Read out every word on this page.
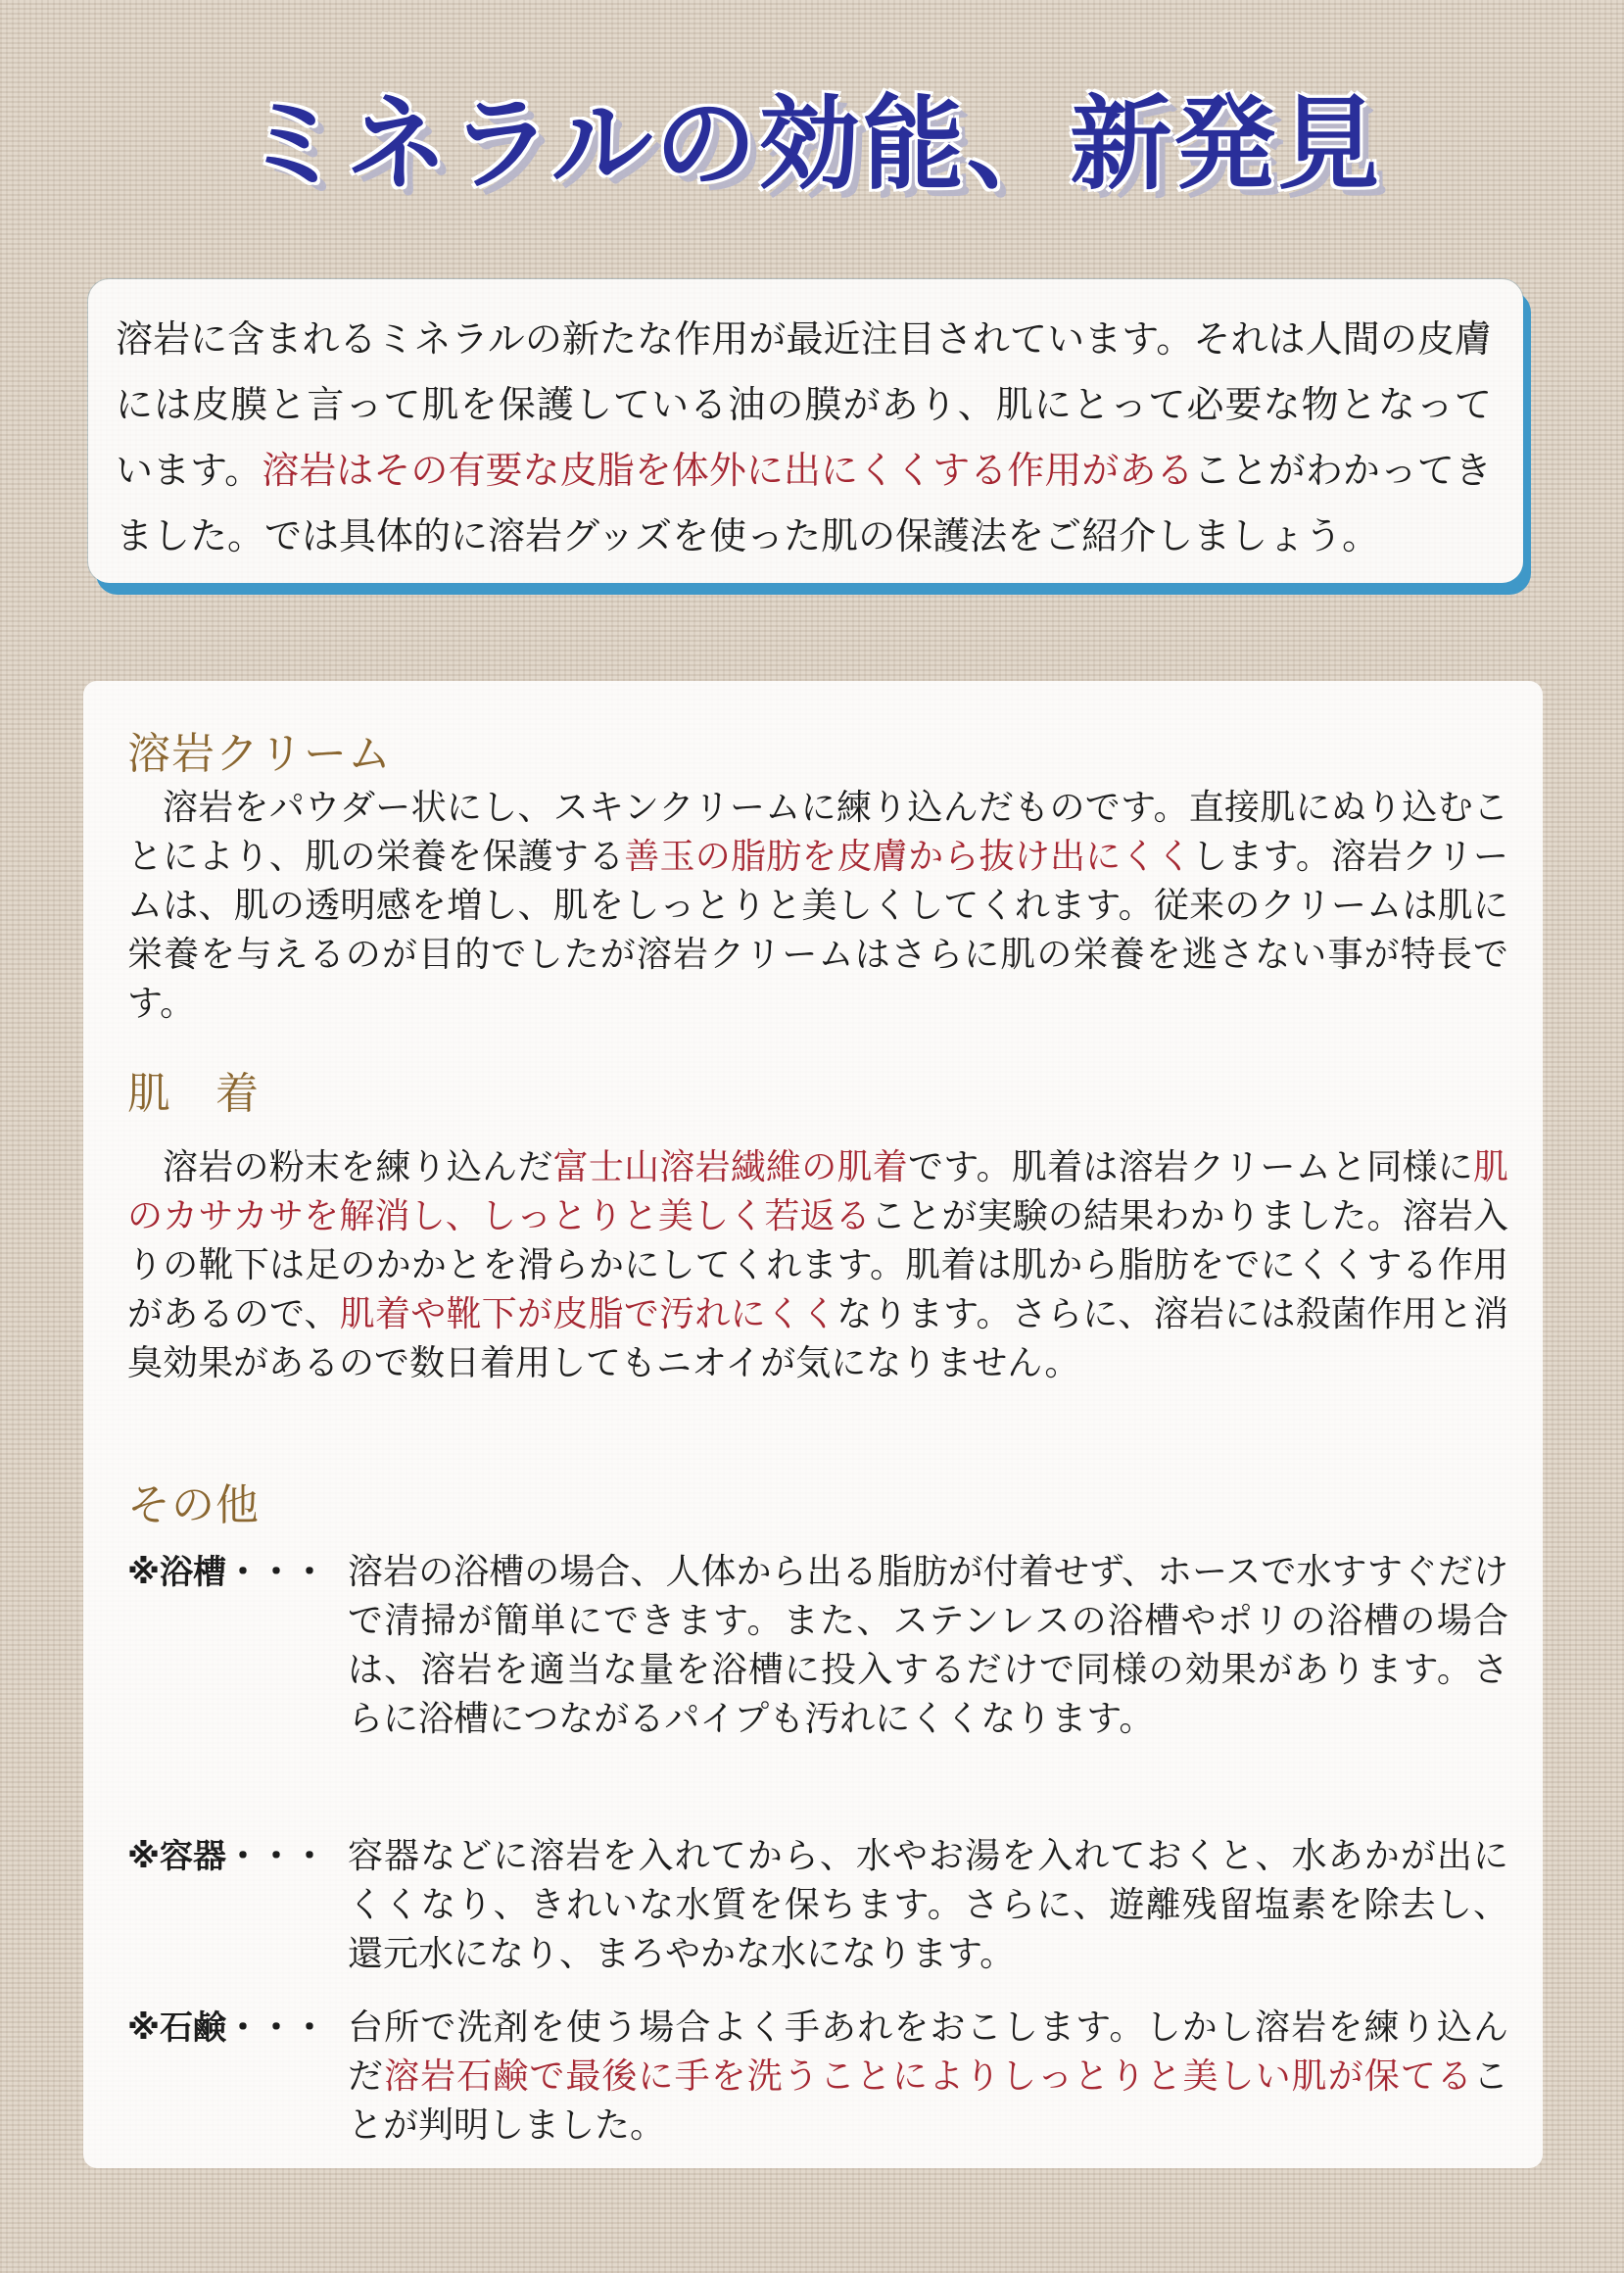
ミネラルの効能、新発見

溶岩に含まれるミネラルの新たな作用が最近注目されています。それは人間の皮膚には皮膜と言って肌を保護している油の膜があり、肌にとって必要な物となっています。溶岩はその有要な皮脂を体外に出にくくする作用があることがわかってきました。では具体的に溶岩グッズを使った肌の保護法をご紹介しましょう。

溶岩クリーム

溶岩をパウダー状にし、スキンクリームに練り込んだものです。直接肌にぬり込むことにより、肌の栄養を保護する善玉の脂肪を皮膚から抜け出にくくします。溶岩クリームは、肌の透明感を増し、肌をしっとりと美しくしてくれます。従来のクリームは肌に栄養を与えるのが目的でしたが溶岩クリームはさらに肌の栄養を逃さない事が特長です。

肌　着

溶岩の粉末を練り込んだ富士山溶岩繊維の肌着です。肌着は溶岩クリームと同様に肌のカサカサを解消し、しっとりと美しく若返ることが実験の結果わかりました。溶岩入りの靴下は足のかかとを滑らかにしてくれます。肌着は肌から脂肪をでにくくする作用があるので、肌着や靴下が皮脂で汚れにくくなります。さらに、溶岩には殺菌作用と消臭効果があるので数日着用してもニオイが気になりません。

その他
※浴槽・・・ 溶岩の浴槽の場合、人体から出る脂肪が付着せず、ホースで水すすぐだけで清掃が簡単にできます。また、ステンレスの浴槽やポリの浴槽の場合は、溶岩を適当な量を浴槽に投入するだけで同様の効果があります。さらに浴槽につながるパイプも汚れにくくなります。
※容器・・・ 容器などに溶岩を入れてから、水やお湯を入れておくと、水あかが出にくくなり、きれいな水質を保ちます。さらに、遊離残留塩素を除去し、還元水になり、まろやかな水になります。
※石鹸・・・ 台所で洗剤を使う場合よく手あれをおこします。しかし溶岩を練り込んだ溶岩石鹸で最後に手を洗うことによりしっとりと美しい肌が保てることが判明しました。
